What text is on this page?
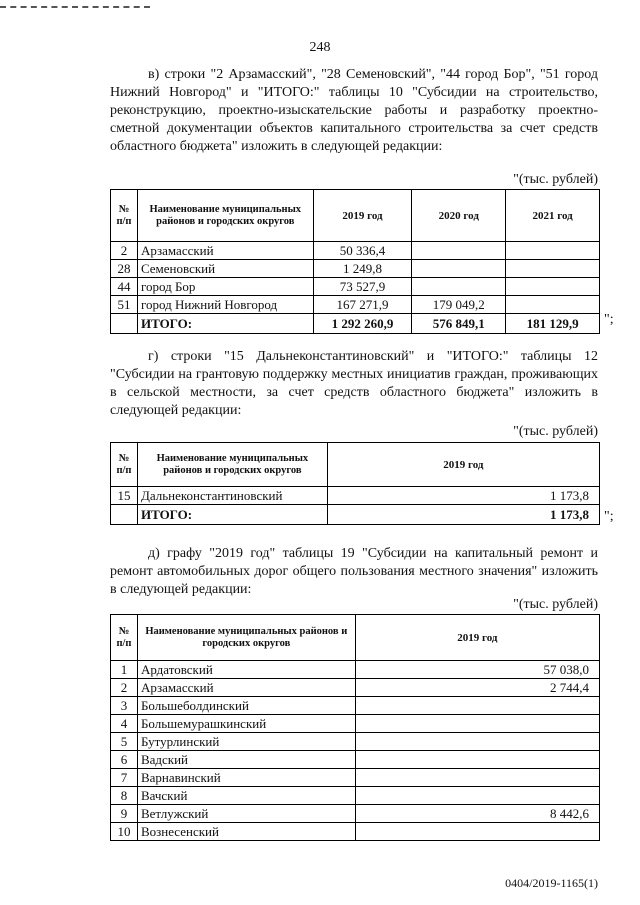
248

в) строки "2 Арзамасский", "28 Семеновский", "44 город Бор", "51 город Нижний Новгород" и "ИТОГО:" таблицы 10 "Субсидии на строительство, реконструкцию, проектно-изыскательские работы и разработку проектно-сметной документации объектов капитального строительства за счет средств областного бюджета" изложить в следующей редакции:

"(тыс. рублей)
№ п/п	Наименование муниципальных районов и городских округов	2019 год	2020 год	2021 год
2	Арзамасский	50 336,4		
28	Семеновский	1 249,8		
44	город Бор	73 527,9		
51	город Нижний Новгород	167 271,9	179 049,2	
	ИТОГО:	1 292 260,9	576 849,1	181 129,9 ";

г) строки "15 Дальнеконстантиновский" и "ИТОГО:" таблицы 12 "Субсидии на грантовую поддержку местных инициатив граждан, проживающих в сельской местности, за счет средств областного бюджета" изложить в следующей редакции:

"(тыс. рублей)
№ п/п	Наименование муниципальных районов и городских округов	2019 год
15	Дальнеконстантиновский	1 173,8
	ИТОГО:	1 173,8 ";

д) графу "2019 год" таблицы 19 "Субсидии на капитальный ремонт и ремонт автомобильных дорог общего пользования местного значения" изложить в следующей редакции:

"(тыс. рублей)
№ п/п	Наименование муниципальных районов и городских округов	2019 год
1	Ардатовский	57 038,0
2	Арзамасский	2 744,4
3	Большеболдинский	
4	Большемурашкинский	
5	Бутурлинский	
6	Вадский	
7	Варнавинский	
8	Вачский	
9	Ветлужский	8 442,6
10	Вознесенский	
0404/2019-1165(1)
